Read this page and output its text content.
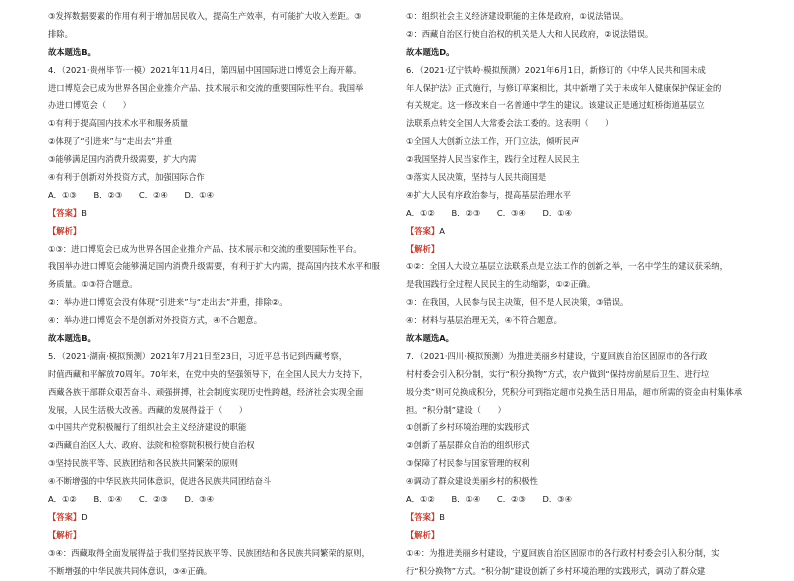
③发挥数据要素的作用有利于增加居民收入，提高生产效率，有可能扩大收入差距。③
排除。
故本题选B。
4．（2021·贵州毕节·一模）2021年11月4日，第四届中国国际进口博览会上海开幕。
进口博览会已成为世界各国企业推介产品、技术展示和交流的重要国际性平台。我国举
办进口博览会（　　）
①有利于提高国内技术水平和服务质量
②体现了“引进来”与“走出去”并重
③能够满足国内消费升级需要，扩大内需
④有利于创新对外投资方式，加强国际合作
A．①③　　B．②③　　C．②④　　D．①④
【答案】B
【解析】
①③：进口博览会已成为世界各国企业推介产品、技术展示和交流的重要国际性平台。
我国举办进口博览会能够满足国内消费升级需要，有利于扩大内需，提高国内技术水平和服
务质量。①③符合题意。
②：举办进口博览会没有体现“引进来”与“走出去”并重，排除②。
④：举办进口博览会不是创新对外投资方式，④不合题意。
故本题选B。
5．（2021·湖南·模拟预测）2021年7月21日至23日，习近平总书记到西藏考察，
时值西藏和平解放70周年。70年来，在党中央的坚强领导下，在全国人民大力支持下，
西藏各族干部群众艰苦奋斗、顽强拼搏，社会制度实现历史性跨越，经济社会实现全面
发展，人民生活极大改善。西藏的发展得益于（　　）
①中国共产党积极履行了组织社会主义经济建设的职能
②西藏自治区人大、政府、法院和检察院积极行使自治权
③坚持民族平等、民族团结和各民族共同繁荣的原则
④不断增强的中华民族共同体意识，促进各民族共同团结奋斗
A．①②　　B．①④　　C．②③　　D．③④
【答案】D
【解析】
③④：西藏取得全面发展得益于我们坚持民族平等、民族团结和各民族共同繁荣的原则，
不断增强的中华民族共同体意识，③④正确。
①：组织社会主义经济建设职能的主体是政府，①说法错误。
②：西藏自治区行使自治权的机关是人大和人民政府，②说法错误。
故本题选D。
6．（2021·辽宁铁岭·模拟预测）2021年6月1日，新修订的《中华人民共和国未成
年人保护法》正式施行，与修订草案相比，其中新增了关于未成年人健康保护保证金的
有关规定。这一修改来自一名普通中学生的建议。该建议正是通过虹桥街道基层立
法联系点转交全国人大常委会法工委的。这表明（　　）
①全国人大创新立法工作，开门立法，倾听民声
②我国坚持人民当家作主，践行全过程人民民主
③落实人民决策，坚持与人民共商国是
④扩大人民有序政治参与，提高基层治理水平
A．①②　　B．②③　　C．③④　　D．①④
【答案】A
【解析】
①②：全国人大设立基层立法联系点是立法工作的创新之举，一名中学生的建议获采纳，
是我国践行全过程人民民主的生动缩影，①②正确。
③：在我国，人民参与民主决策，但不是人民决策，③错误。
④：材料与基层治理无关，④不符合题意。
故本题选A。
7．（2021·四川·模拟预测）为推进美丽乡村建设，宁夏回族自治区固原市的各行政
村村委会引入积分制，实行“积分换物”方式，农户做到“保持房前屋后卫生、进行垃
圾分类”则可兑换成积分，凭积分可到指定超市兑换生活日用品，超市所需的资金由村集体承
担。“积分制”建设（　　）
①创新了乡村环境治理的实践形式
②创新了基层群众自治的组织形式
③保障了村民参与国家管理的权利
④调动了群众建设美丽乡村的积极性
A．①②　　B．①④　　C．②③　　D．③④
【答案】B
【解析】
①④：为推进美丽乡村建设，宁夏回族自治区固原市的各行政村村委会引入积分制，实
行“积分换物”方式。“积分制”建设创新了乡村环境治理的实践形式，调动了群众建
